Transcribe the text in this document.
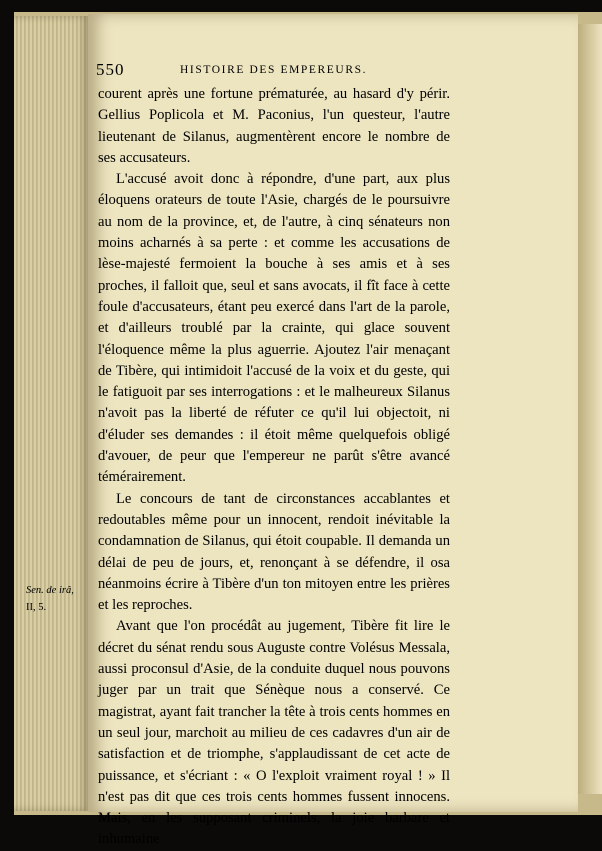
550	HISTOIRE DES EMPEREURS.

courent après une fortune prématurée, au hasard d'y périr. Gellius Poplicola et M. Paconius, l'un questeur, l'autre lieutenant de Silanus, augmentèrent encore le nombre de ses accusateurs.

L'accusé avoit donc à répondre, d'une part, aux plus éloquens orateurs de toute l'Asie, chargés de le poursuivre au nom de la province, et, de l'autre, à cinq sénateurs non moins acharnés à sa perte : et comme les accusations de lèse-majesté fermoient la bouche à ses amis et à ses proches, il falloit que, seul et sans avocats, il fît face à cette foule d'accusateurs, étant peu exercé dans l'art de la parole, et d'ailleurs troublé par la crainte, qui glace souvent l'éloquence même la plus aguerrie. Ajoutez l'air menaçant de Tibère, qui intimidoit l'accusé de la voix et du geste, qui le fatiguoit par ses interrogations : et le malheureux Silanus n'avoit pas la liberté de réfuter ce qu'il lui objectoit, ni d'éluder ses demandes : il étoit même quelquefois obligé d'avouer, de peur que l'empereur ne parût s'être avancé témérairement.

Le concours de tant de circonstances accablantes et redoutables même pour un innocent, rendoit inévitable la condamnation de Silanus, qui étoit coupable. Il demanda un délai de peu de jours, et, renonçant à se défendre, il osa néanmoins écrire à Tibère d'un ton mitoyen entre les prières et les reproches.

Avant que l'on procédât au jugement, Tibère fit lire le décret du sénat rendu sous Auguste contre Volésus Messala, aussi proconsul d'Asie, de la conduite duquel nous pouvons juger par un trait que Sénèque nous a conservé. Ce magistrat, ayant fait trancher la tête à trois cents hommes en un seul jour, marchoit au milieu de ces cadavres d'un air de satisfaction et de triomphe, s'applaudissant de cet acte de puissance, et s'écriant : « O l'exploit vraiment royal ! » Il n'est pas dit que ces trois cents hommes fussent innocens. Mais, en les supposant criminels, la joie barbare et inhumaine

Sen. de irâ,
II, 5.
